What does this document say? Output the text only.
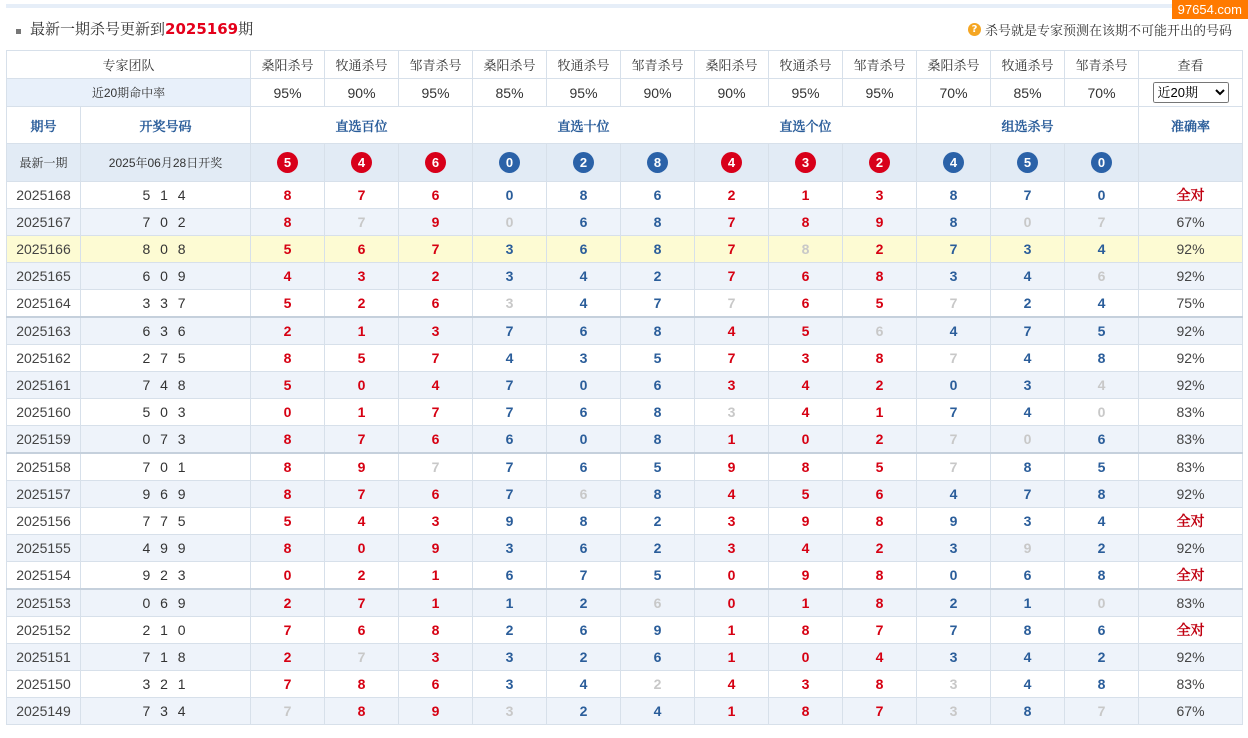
97654.com
最新一期杀号更新到2025169期	? 杀号就是专家预测在该期不可能开出的号码
专家团队		桑阳杀号	牧通杀号	邹青杀号	桑阳杀号	牧通杀号	邹青杀号	桑阳杀号	牧通杀号	邹青杀号	桑阳杀号	牧通杀号	邹青杀号	查看
近20期命中率		95%	90%	95%	85%	95%	90%	90%	95%	95%	70%	85%	70%	
近20期
期号	开奖号码	直选百位			直选十位			直选个位			组选杀号			准确率
最新一期	2025年06月28日开奖	5	4	6	0	2	8	4	3	2	4	5	0	
2025168	5 1 4	8	7	6	0	8	6	2	1	3	8	7	0	全对
2025167	7 0 2	8	7	9	0	6	8	7	8	9	8	0	7	67%
2025166	8 0 8	5	6	7	3	6	8	7	8	2	7	3	4	92%
2025165	6 0 9	4	3	2	3	4	2	7	6	8	3	4	6	92%
2025164	3 3 7	5	2	6	3	4	7	7	6	5	7	2	4	75%
2025163	6 3 6	2	1	3	7	6	8	4	5	6	4	7	5	92%
2025162	2 7 5	8	5	7	4	3	5	7	3	8	7	4	8	92%
2025161	7 4 8	5	0	4	7	0	6	3	4	2	0	3	4	92%
2025160	5 0 3	0	1	7	7	6	8	3	4	1	7	4	0	83%
2025159	0 7 3	8	7	6	6	0	8	1	0	2	7	0	6	83%
2025158	7 0 1	8	9	7	7	6	5	9	8	5	7	8	5	83%
2025157	9 6 9	8	7	6	7	6	8	4	5	6	4	7	8	92%
2025156	7 7 5	5	4	3	9	8	2	3	9	8	9	3	4	全对
2025155	4 9 9	8	0	9	3	6	2	3	4	2	3	9	2	92%
2025154	9 2 3	0	2	1	6	7	5	0	9	8	0	6	8	全对
2025153	0 6 9	2	7	1	1	2	6	0	1	8	2	1	0	83%
2025152	2 1 0	7	6	8	2	6	9	1	8	7	7	8	6	全对
2025151	7 1 8	2	7	3	3	2	6	1	0	4	3	4	2	92%
2025150	3 2 1	7	8	6	3	4	2	4	3	8	3	4	8	83%
2025149	7 3 4	7	8	9	3	2	4	1	8	7	3	8	7	67%
